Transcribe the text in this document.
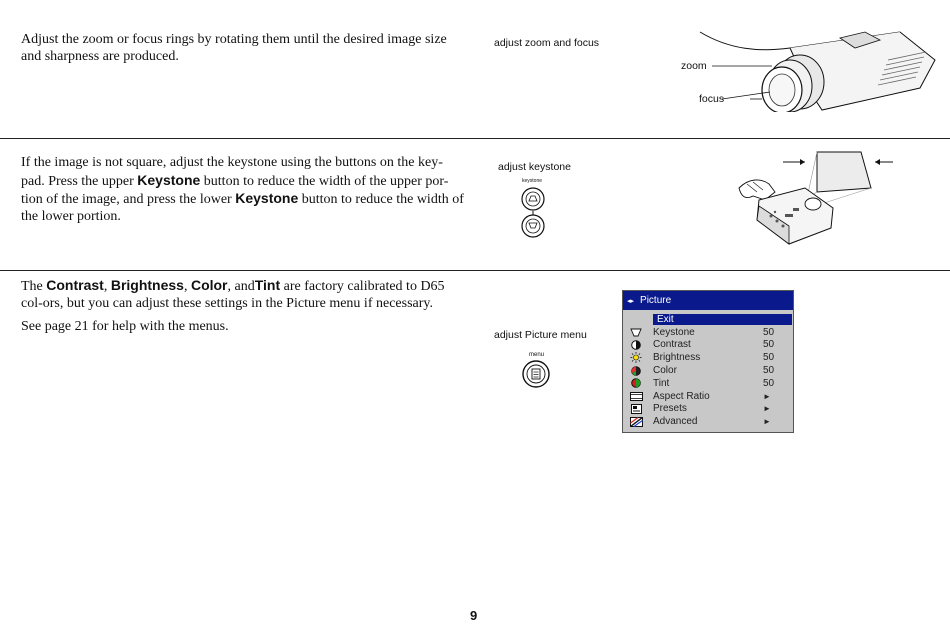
Adjust the zoom or focus rings by rotating them until the desired image size and sharpness are produced.

adjust zoom and focus
zoom
focus

If the image is not square, adjust the keystone using the buttons on the key-pad. Press the upper Keystone button to reduce the width of the upper por-tion of the image, and press the lower Keystone button to reduce the width of the lower portion.

adjust keystone
keystone

The Contrast, Brightness, Color, andTint are factory calibrated to D65 col-ors, but you can adjust these settings in the Picture menu if necessary.

See page 21 for help with the menus.

adjust Picture menu
menu
◂▸ Picture
Exit
Keystone	50
Contrast	50
Brightness	50
Color	50
Tint	50
Aspect Ratio	►
Presets	►
Advanced	►
9
